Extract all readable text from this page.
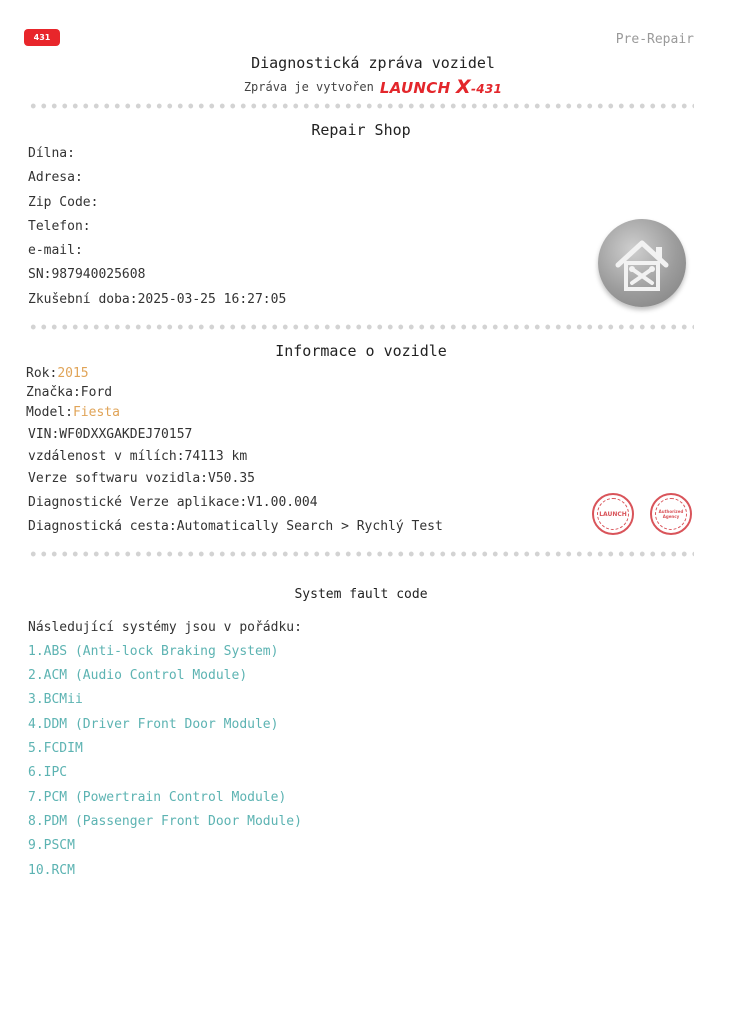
431	Pre-Repair
Diagnostická zpráva vozidel
Zpráva je vytvořen LAUNCH X-431
Repair Shop
Dílna:
Adresa:
Zip Code:
Telefon:
e-mail:
SN:987940025608
Zkušební doba:2025-03-25 16:27:05
Informace o vozidle
Rok:2015
Značka:Ford
Model:Fiesta
VIN:WF0DXXGAKDEJ70157
vzdálenost v mílích:74113 km
Verze softwaru vozidla:V50.35
Diagnostické Verze aplikace:V1.00.004
Diagnostická cesta:Automatically Search > Rychlý Test
LAUNCH	Authorized Agency
System fault code
Následující systémy jsou v pořádku:
1.ABS (Anti-lock Braking System)
2.ACM (Audio Control Module)
3.BCMii
4.DDM (Driver Front Door Module)
5.FCDIM
6.IPC
7.PCM (Powertrain Control Module)
8.PDM (Passenger Front Door Module)
9.PSCM
10.RCM
